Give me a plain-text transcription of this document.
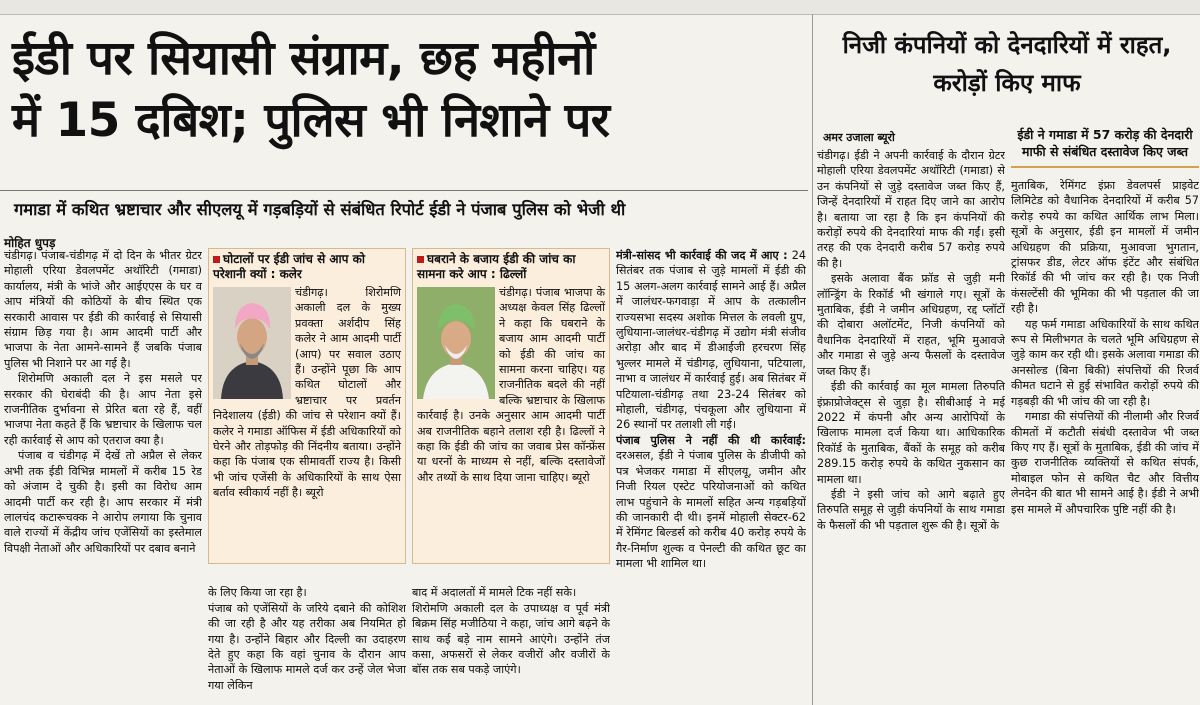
ईडी पर सियासी संग्राम, छह महीनों
में 15 दबिश; पुलिस भी निशाने पर
गमाडा में कथित भ्रष्टाचार और सीएलयू में गड़बड़ियों से संबंधित रिपोर्ट ईडी ने पंजाब पुलिस को भेजी थी
मोहित धुपड़

चंडीगढ़। पंजाब-चंडीगढ़ में दो दिन के भीतर ग्रेटर मोहाली एरिया डेवलपमेंट अथॉरिटी (गमाडा) कार्यालय, मंत्री के भांजे और आईएएस के घर व आप मंत्रियों की कोठियों के बीच स्थित एक सरकारी आवास पर ईडी की कार्रवाई से सियासी संग्राम छिड़ गया है। आम आदमी पार्टी और भाजपा के नेता आमने-सामने हैं जबकि पंजाब पुलिस भी निशाने पर आ गई है।

शिरोमणि अकाली दल ने इस मसले पर सरकार की घेराबंदी की है। आप नेता इसे राजनीतिक दुर्भावना से प्रेरित बता रहे हैं, वहीं भाजपा नेता कहते हैं कि भ्रष्टाचार के खिलाफ चल रही कार्रवाई से आप को एतराज क्या है।

पंजाब व चंडीगढ़ में देखें तो अप्रैल से लेकर अभी तक ईडी विभिन्न मामलों में करीब 15 रेड को अंजाम दे चुकी है। इसी का विरोध आम आदमी पार्टी कर रही है। आप सरकार में मंत्री लालचंद कटारूचक्क ने आरोप लगाया कि चुनाव वाले राज्यों में केंद्रीय जांच एजेंसियों का इस्तेमाल विपक्षी नेताओं और अधिकारियों पर दबाव बनाने

घोटालों पर ईडी जांच से आप को परेशानी क्यों : कलेर
चंडीगढ़। शिरोमणि अकाली दल के मुख्य प्रवक्ता अर्शदीप सिंह कलेर ने आम आदमी पार्टी (आप) पर सवाल उठाए हैं। उन्होंने पूछा कि आप कथित घोटालों और भ्रष्टाचार पर प्रवर्तन निदेशालय (ईडी) की जांच से परेशान क्यों हैं। कलेर ने गमाडा ऑफिस में ईडी अधिकारियों को घेरने और तोड़फोड़ की निंदनीय बताया। उन्होंने कहा कि पंजाब एक सीमावर्ती राज्य है। किसी भी जांच एजेंसी के अधिकारियों के साथ ऐसा बर्ताव स्वीकार्य नहीं है। ब्यूरो
घबराने के बजाय ईडी की जांच का सामना करे आप : ढिल्लों
चंडीगढ़। पंजाब भाजपा के अध्यक्ष केवल सिंह ढिल्लों ने कहा कि घबराने के बजाय आम आदमी पार्टी को ईडी की जांच का सामना करना चाहिए। यह राजनीतिक बदले की नहीं बल्कि भ्रष्टाचार के खिलाफ कार्रवाई है। उनके अनुसार आम आदमी पार्टी अब राजनीतिक बहाने तलाश रही है। ढिल्लों ने कहा कि ईडी की जांच का जवाब प्रेस कॉन्फ्रेंस या धरनों के माध्यम से नहीं, बल्कि दस्तावेजों और तथ्यों के साथ दिया जाना चाहिए। ब्यूरो

के लिए किया जा रहा है।
पंजाब को एजेंसियों के जरिये दबाने की कोशिश की जा रही है और यह तरीका अब नियमित हो गया है। उन्होंने बिहार और दिल्ली का उदाहरण देते हुए कहा कि वहां चुनाव के दौरान आप नेताओं के खिलाफ मामले दर्ज कर उन्हें जेल भेजा गया लेकिन

बाद में अदालतों में मामले टिक नहीं सके।
शिरोमणि अकाली दल के उपाध्यक्ष व पूर्व मंत्री बिक्रम सिंह मजीठिया ने कहा, जांच आगे बढ़ने के साथ कई बड़े नाम सामने आएंगे। उन्होंने तंज कसा, अफसरों से लेकर वजीरों और वजीरों के बॉस तक सब पकड़े जाएंगे।

मंत्री-सांसद भी कार्रवाई की जद में आए : 24 सितंबर तक पंजाब से जुड़े मामलों में ईडी की 15 अलग-अलग कार्रवाई सामने आई हैं। अप्रैल में जालंधर-फगवाड़ा में आप के तत्कालीन राज्यसभा सदस्य अशोक मित्तल के लवली ग्रुप, लुधियाना-जालंधर-चंडीगढ़ में उद्योग मंत्री संजीव अरोड़ा और बाद में डीआईजी हरचरण सिंह भुल्लर मामले में चंडीगढ़, लुधियाना, पटियाला, नाभा व जालंधर में कार्रवाई हुई। अब सितंबर में पटियाला-चंडीगढ़ तथा 23-24 सितंबर को मोहाली, चंडीगढ़, पंचकूला और लुधियाना में 26 स्थानों पर तलाशी ली गई।

पंजाब पुलिस ने नहीं की थी कार्रवाई: दरअसल, ईडी ने पंजाब पुलिस के डीजीपी को पत्र भेजकर गमाडा में सीएलयू, जमीन और निजी रियल एस्टेट परियोजनाओं को कथित लाभ पहुंचाने के मामलों सहित अन्य गड़बड़ियों की जानकारी दी थी। इनमें मोहाली सेक्टर-62 में रेमिंगट बिल्डर्स को करीब 40 करोड़ रुपये के गैर-निर्माण शुल्क व पेनल्टी की कथित छूट का मामला भी शामिल था।

निजी कंपनियों को देनदारियों में राहत, करोड़ों किए माफ
अमर उजाला ब्यूरो

चंडीगढ़। ईडी ने अपनी कार्रवाई के दौरान ग्रेटर मोहाली एरिया डेवलपमेंट अथॉरिटी (गमाडा) से उन कंपनियों से जुड़े दस्तावेज जब्त किए हैं, जिन्हें देनदारियों में राहत दिए जाने का आरोप है। बताया जा रहा है कि इन कंपनियों की करोड़ों रुपये की देनदारियां माफ की गईं। इसी तरह की एक देनदारी करीब 57 करोड़ रुपये की है।

इसके अलावा बैंक फ्रॉड से जुड़ी मनी लॉन्ड्रिंग के रिकॉर्ड भी खंगाले गए। सूत्रों के मुताबिक, ईडी ने जमीन अधिग्रहण, रद्द प्लॉटों की दोबारा अलॉटमेंट, निजी कंपनियों को वैधानिक देनदारियों में राहत, भूमि मुआवजे और गमाडा से जुड़े अन्य फैसलों के दस्तावेज जब्त किए हैं।

ईडी की कार्रवाई का मूल मामला तिरुपति इंफ्राप्रोजेक्ट्स से जुड़ा है। सीबीआई ने मई 2022 में कंपनी और अन्य आरोपियों के खिलाफ मामला दर्ज किया था। आधिकारिक रिकॉर्ड के मुताबिक, बैंकों के समूह को करीब 289.15 करोड़ रुपये के कथित नुकसान का मामला था।

ईडी ने इसी जांच को आगे बढ़ाते हुए तिरुपति समूह से जुड़ी कंपनियों के साथ गमाडा के फैसलों की भी पड़ताल शुरू की है। सूत्रों के

ईडी ने गमाडा में 57 करोड़ की देनदारी माफी से संबंधित दस्तावेज किए जब्त

मुताबिक, रेमिंगट इंफ्रा डेवलपर्स प्राइवेट लिमिटेड को वैधानिक देनदारियों में करीब 57 करोड़ रुपये का कथित आर्थिक लाभ मिला। सूत्रों के अनुसार, ईडी इन मामलों में जमीन अधिग्रहण की प्रक्रिया, मुआवजा भुगतान, ट्रांसफर डीड, लेटर ऑफ इंटेंट और संबंधित रिकॉर्ड की भी जांच कर रही है। एक निजी कंसल्टेंसी की भूमिका की भी पड़ताल की जा रही है।

यह फर्म गमाडा अधिकारियों के साथ कथित रूप से मिलीभगत के चलते भूमि अधिग्रहण से जुड़े काम कर रही थी। इसके अलावा गमाडा की अनसोल्ड (बिना बिकी) संपत्तियों की रिजर्व कीमत घटाने से हुई संभावित करोड़ों रुपये की गड़बड़ी की भी जांच की जा रही है।

गमाडा की संपत्तियों की नीलामी और रिजर्व कीमतों में कटौती संबंधी दस्तावेज भी जब्त किए गए हैं। सूत्रों के मुताबिक, ईडी की जांच में कुछ राजनीतिक व्यक्तियों से कथित संपर्क, मोबाइल फोन से कथित चैट और वित्तीय लेनदेन की बात भी सामने आई है। ईडी ने अभी इस मामले में औपचारिक पुष्टि नहीं की है।
